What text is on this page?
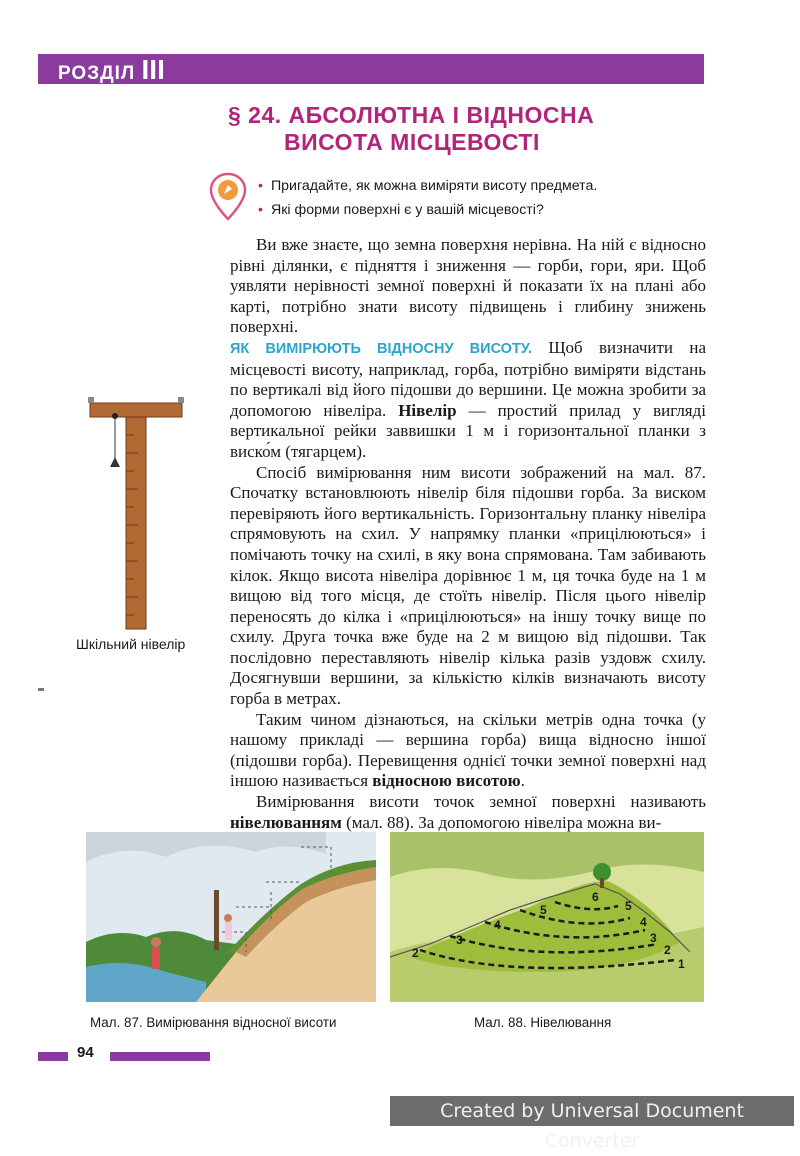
РОЗДІЛ III
§ 24. АБСОЛЮТНА І ВІДНОСНА
ВИСОТА МІСЦЕВОСТІ
• Пригадайте, як можна виміряти висоту предмета.
• Які форми поверхні є у вашій місцевості?

Ви вже знаєте, що земна поверхня нерівна. На ній є відносно рівні ділянки, є підняття і зниження — горби, гори, яри. Щоб уявляти нерівності земної поверхні й показати їх на плані або карті, потрібно знати висоту підвищень і глибину знижень поверхні.

ЯК ВИМІРЮЮТЬ ВІДНОСНУ ВИСОТУ. Щоб визначити на місцевості висоту, наприклад, горба, потрібно виміряти відстань по вертикалі від його підошви до вершини. Це можна зробити за допомогою нівеліра. Нівелір — простий прилад у вигляді вертикальної рейки заввишки 1 м і горизонтальної планки з виско́м (тягарцем).

Спосіб вимірювання ним висоти зображений на мал. 87. Спочатку встановлюють нівелір біля підошви горба. За виском перевіряють його вертикальність. Горизонтальну планку нівеліра спрямовують на схил. У напрямку планки «прицілюються» і помічають точку на схилі, в яку вона спрямована. Там забивають кілок. Якщо висота нівеліра дорівнює 1 м, ця точка буде на 1 м вищою від того місця, де стоїть нівелір. Після цього нівелір переносять до кілка і «прицілюються» на іншу точку вище по схилу. Друга точка вже буде на 2 м вищою від підошви. Так послідовно переставляють нівелір кілька разів уздовж схилу. Досягнувши вершини, за кількістю кілків визначають висоту горба в метрах.

Таким чином дізнаються, на скільки метрів одна точка (у нашому прикладі — вершина горба) вища відносно іншої (підошви горба). Перевищення однієї точки земної поверхні над іншою називається відносною висотою.

Вимірювання висоти точок земної поверхні називають нівелюванням (мал. 88). За допомогою нівеліра можна ви-

Шкільний нівелір
Мал. 87. Вимірювання відносної висоти
1
2
3
4
5
6
5
4
3
2
Мал. 88. Нівелювання
94
Created by Universal Document Converter
